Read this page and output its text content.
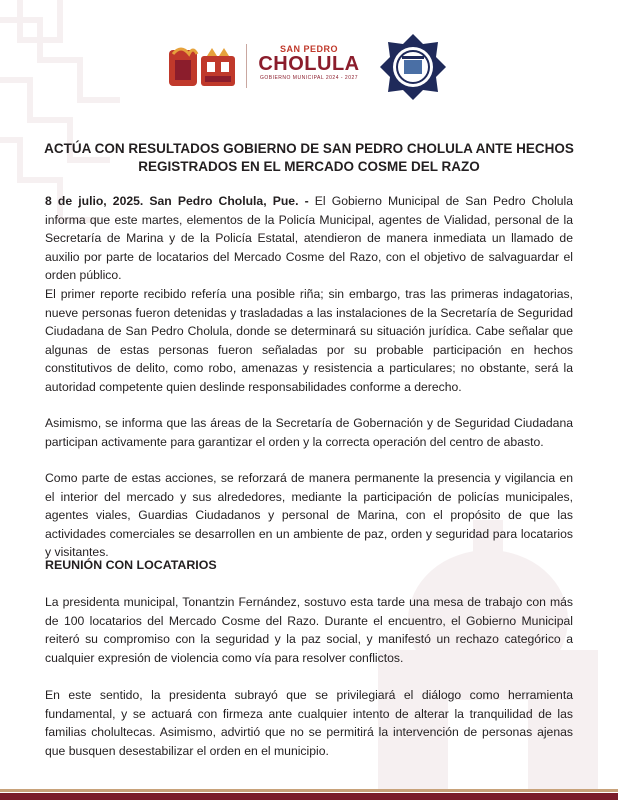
SAN PEDRO
CHOLULA
GOBIERNO MUNICIPAL 2024 - 2027
ACTÚA CON RESULTADOS GOBIERNO DE SAN PEDRO CHOLULA ANTE HECHOS
REGISTRADOS EN EL MERCADO COSME DEL RAZO

8 de julio, 2025. San Pedro Cholula, Pue. - El Gobierno Municipal de San Pedro Cholula informa que este martes, elementos de la Policía Municipal, agentes de Vialidad, personal de la Secretaría de Marina y de la Policía Estatal, atendieron de manera inmediata un llamado de auxilio por parte de locatarios del Mercado Cosme del Razo, con el objetivo de salvaguardar el orden público.

El primer reporte recibido refería una posible riña; sin embargo, tras las primeras indagatorias, nueve personas fueron detenidas y trasladadas a las instalaciones de la Secretaría de Seguridad Ciudadana de San Pedro Cholula, donde se determinará su situación jurídica. Cabe señalar que algunas de estas personas fueron señaladas por su probable participación en hechos constitutivos de delito, como robo, amenazas y resistencia a particulares; no obstante, será la autoridad competente quien deslinde responsabilidades conforme a derecho.

Asimismo, se informa que las áreas de la Secretaría de Gobernación y de Seguridad Ciudadana participan activamente para garantizar el orden y la correcta operación del centro de abasto.

Como parte de estas acciones, se reforzará de manera permanente la presencia y vigilancia en el interior del mercado y sus alrededores, mediante la participación de policías municipales, agentes viales, Guardias Ciudadanos y personal de Marina, con el propósito de que las actividades comerciales se desarrollen en un ambiente de paz, orden y seguridad para locatarios y visitantes.

REUNIÓN CON LOCATARIOS

La presidenta municipal, Tonantzin Fernández, sostuvo esta tarde una mesa de trabajo con más de 100 locatarios del Mercado Cosme del Razo. Durante el encuentro, el Gobierno Municipal reiteró su compromiso con la seguridad y la paz social, y manifestó un rechazo categórico a cualquier expresión de violencia como vía para resolver conflictos.

En este sentido, la presidenta subrayó que se privilegiará el diálogo como herramienta fundamental, y se actuará con firmeza ante cualquier intento de alterar la tranquilidad de las familias cholultecas. Asimismo, advirtió que no se permitirá la intervención de personas ajenas que busquen desestabilizar el orden en el municipio.
